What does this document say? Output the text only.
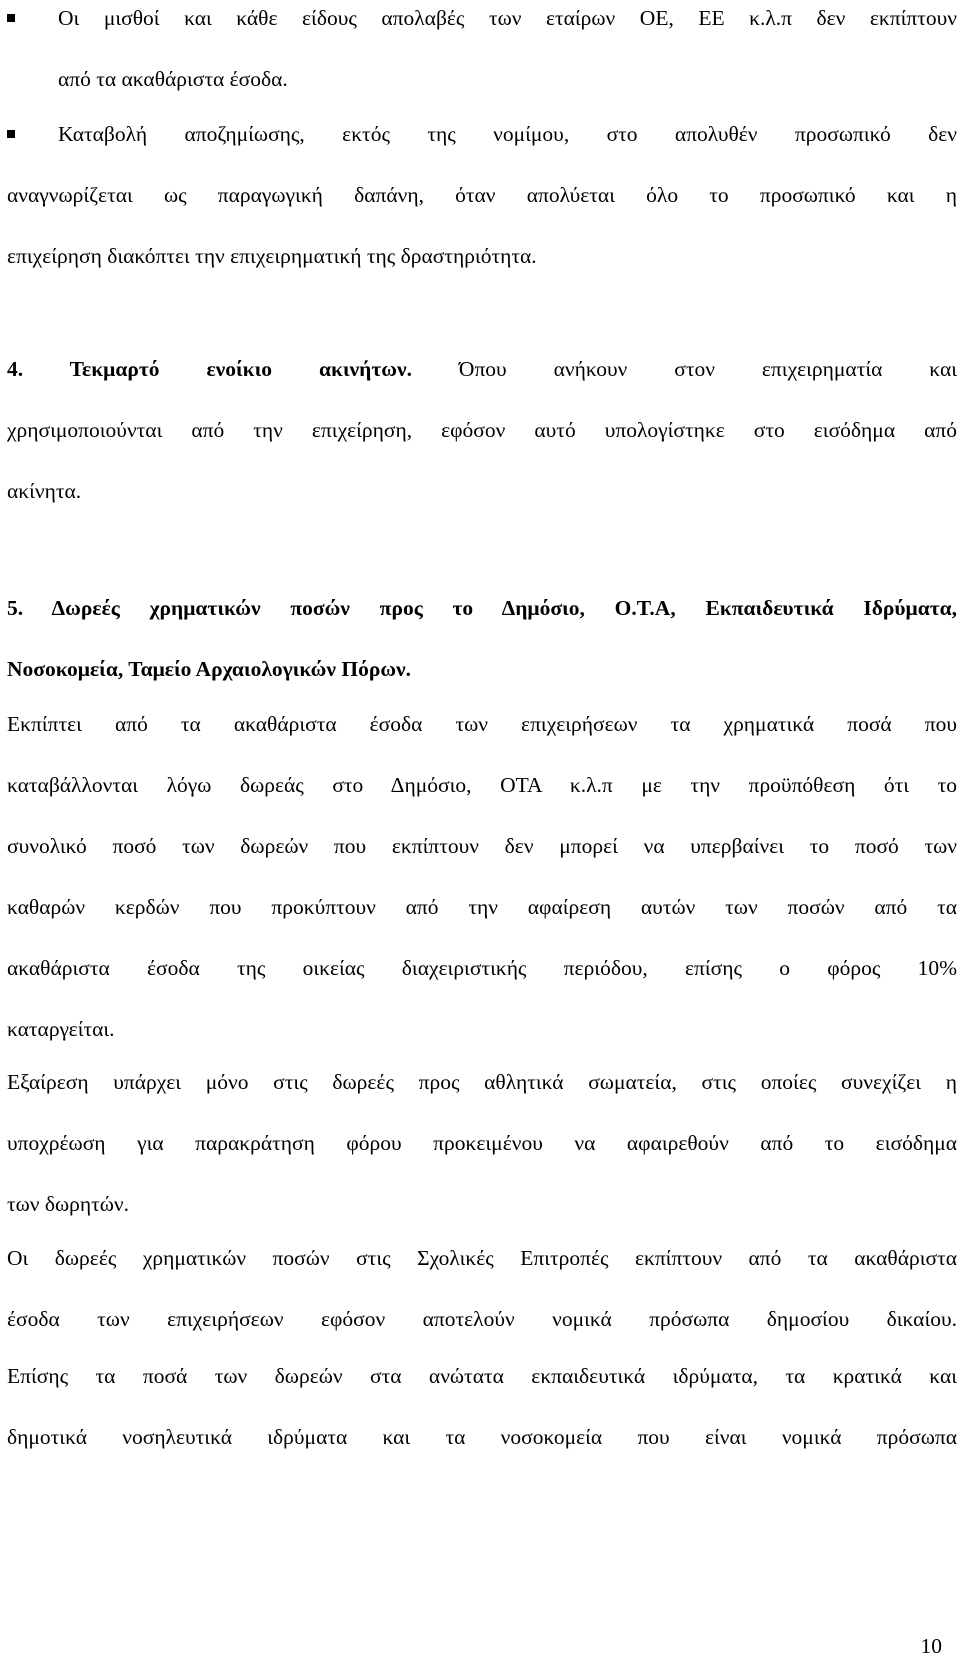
Οι μισθοί και κάθε είδους απολαβές των εταίρων ΟΕ, ΕΕ κ.λ.π δεν εκπίπτουν
από τα ακαθάριστα έσοδα.
Καταβολή αποζημίωσης, εκτός της νομίμου, στο απολυθέν προσωπικό δεν
αναγνωρίζεται ως παραγωγική δαπάνη, όταν απολύεται όλο το προσωπικό και η
επιχείρηση διακόπτει την επιχειρηματική της δραστηριότητα.
4. Τεκμαρτό ενοίκιο ακινήτων. Όπου ανήκουν στον επιχειρηματία και
χρησιμοποιούνται από την επιχείρηση, εφόσον αυτό υπολογίστηκε στο εισόδημα από
ακίνητα.
5. Δωρεές χρηματικών ποσών προς το Δημόσιο, Ο.Τ.Α, Εκπαιδευτικά Ιδρύματα,
Νοσοκομεία, Ταμείο Αρχαιολογικών Πόρων.
Εκπίπτει από τα ακαθάριστα έσοδα των επιχειρήσεων τα χρηματικά ποσά που
καταβάλλονται λόγω δωρεάς στο Δημόσιο, ΟΤΑ κ.λ.π με την προϋπόθεση ότι το
συνολικό ποσό των δωρεών που εκπίπτουν δεν μπορεί να υπερβαίνει το ποσό των
καθαρών κερδών που προκύπτουν από την αφαίρεση αυτών των ποσών από τα
ακαθάριστα έσοδα της οικείας διαχειριστικής περιόδου, επίσης ο φόρος 10%
καταργείται.
Εξαίρεση υπάρχει μόνο στις δωρεές προς αθλητικά σωματεία, στις οποίες συνεχίζει η
υποχρέωση για παρακράτηση φόρου προκειμένου να αφαιρεθούν από το εισόδημα
των δωρητών.
Οι δωρεές χρηματικών ποσών στις Σχολικές Επιτροπές εκπίπτουν από τα ακαθάριστα
έσοδα των επιχειρήσεων εφόσον αποτελούν νομικά πρόσωπα δημοσίου δικαίου.
Επίσης τα ποσά των δωρεών στα ανώτατα εκπαιδευτικά ιδρύματα, τα κρατικά και
δημοτικά νοσηλευτικά ιδρύματα και τα νοσοκομεία που είναι νομικά πρόσωπα
10
